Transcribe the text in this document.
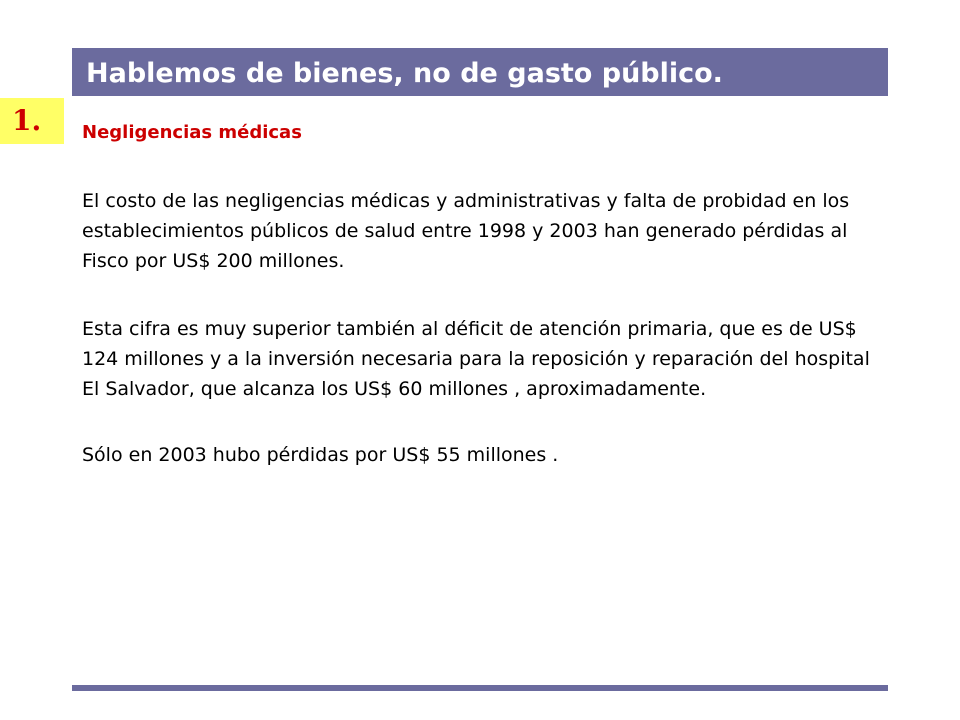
Hablemos de bienes, no de gasto público.
1. Negligencias médicas

El costo de las negligencias médicas y administrativas y falta de probidad en los establecimientos públicos de salud entre 1998 y 2003 han generado pérdidas al Fisco por US$ 200 millones.

Esta cifra es muy superior también al déficit de atención primaria, que es de US$ 124 millones y a la inversión necesaria para la reposición y reparación del hospital El Salvador, que alcanza los US$ 60 millones , aproximadamente.

Sólo en 2003 hubo pérdidas por US$ 55 millones .
